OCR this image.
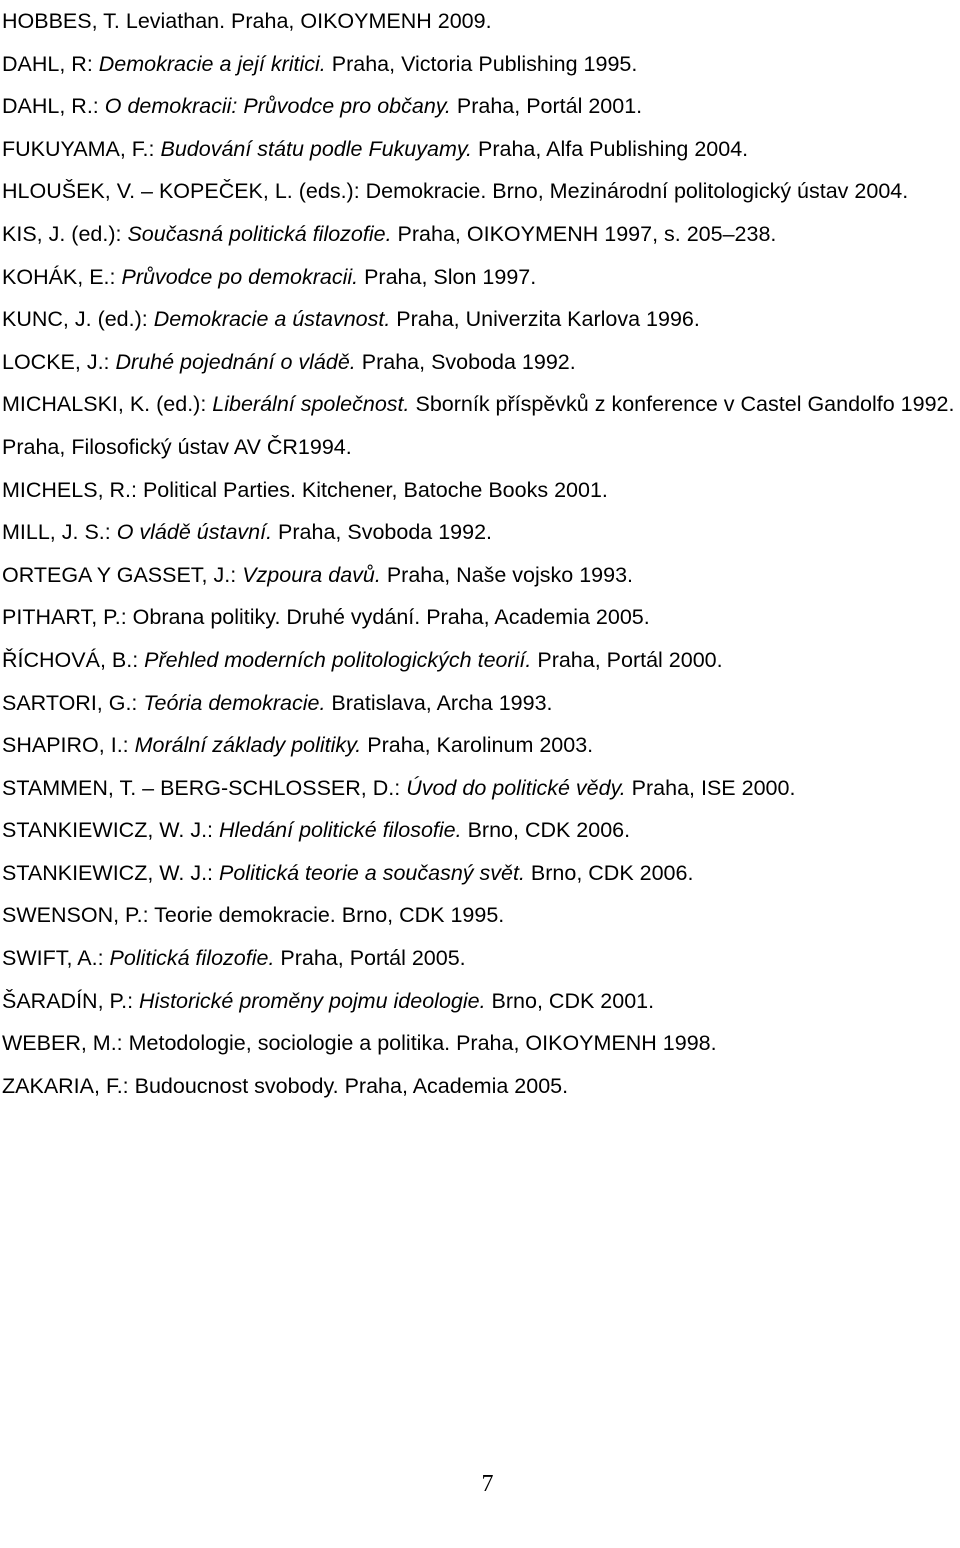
HOBBES, T. Leviathan. Praha, OIKOYMENH 2009.
DAHL, R: Demokracie a její kritici. Praha, Victoria Publishing 1995.
DAHL, R.: O demokracii: Průvodce pro občany. Praha, Portál 2001.
FUKUYAMA, F.: Budování státu podle Fukuyamy. Praha, Alfa Publishing 2004.
HLOUŠEK, V. – KOPEČEK, L. (eds.): Demokracie. Brno, Mezinárodní politologický ústav 2004.
KIS, J. (ed.): Současná politická filozofie. Praha, OIKOYMENH 1997, s. 205–238.
KOHÁK, E.: Průvodce po demokracii. Praha, Slon 1997.
KUNC, J. (ed.): Demokracie a ústavnost. Praha, Univerzita Karlova 1996.
LOCKE, J.: Druhé pojednání o vládě. Praha, Svoboda 1992.
MICHALSKI, K. (ed.): Liberální společnost. Sborník příspěvků z konference v Castel Gandolfo 1992. Praha, Filosofický ústav AV ČR1994.
MICHELS, R.: Political Parties. Kitchener, Batoche Books 2001.
MILL, J. S.: O vládě ústavní. Praha, Svoboda 1992.
ORTEGA Y GASSET, J.: Vzpoura davů. Praha, Naše vojsko 1993.
PITHART, P.: Obrana politiky. Druhé vydání. Praha, Academia 2005.
ŘÍCHOVÁ, B.: Přehled moderních politologických teorií. Praha, Portál 2000.
SARTORI, G.: Teória demokracie. Bratislava, Archa 1993.
SHAPIRO, I.: Morální základy politiky. Praha, Karolinum 2003.
STAMMEN, T. – BERG-SCHLOSSER, D.: Úvod do politické vědy. Praha, ISE 2000.
STANKIEWICZ, W. J.: Hledání politické filosofie. Brno, CDK 2006.
STANKIEWICZ, W. J.: Politická teorie a současný svět. Brno, CDK 2006.
SWENSON, P.: Teorie demokracie. Brno, CDK 1995.
SWIFT, A.: Politická filozofie. Praha, Portál 2005.
ŠARADÍN, P.: Historické proměny pojmu ideologie. Brno, CDK 2001.
WEBER, M.: Metodologie, sociologie a politika. Praha, OIKOYMENH 1998.
ZAKARIA, F.: Budoucnost svobody. Praha, Academia 2005.
7
